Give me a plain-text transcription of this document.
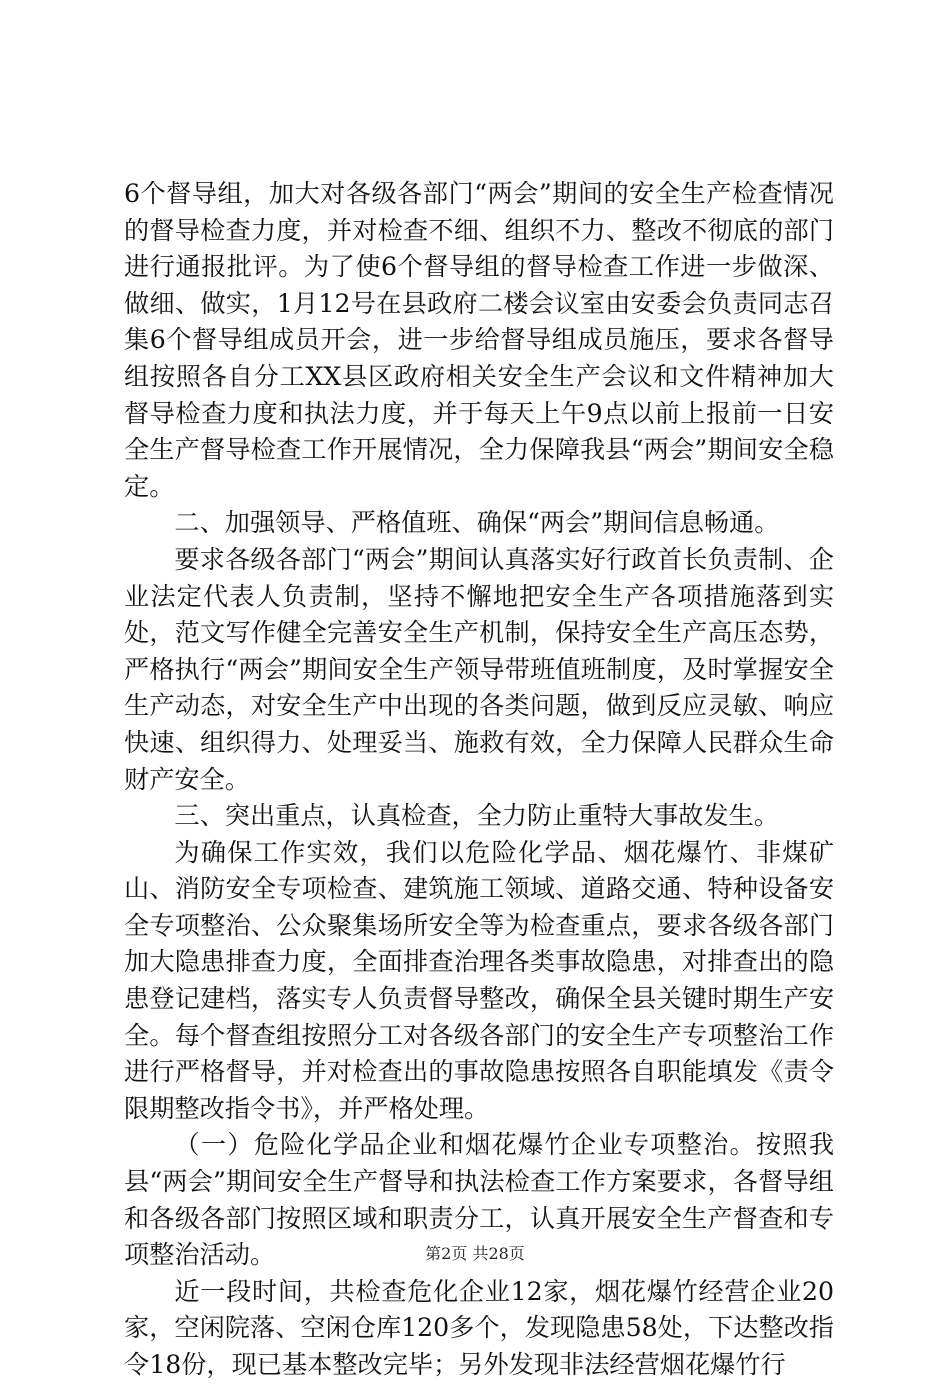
6个督导组，加大对各级各部门“两会”期间的安全生产检查情况的督导检查力度，并对检查不细、组织不力、整改不彻底的部门进行通报批评。为了使6个督导组的督导检查工作进一步做深、做细、做实，1月12号在县政府二楼会议室由安委会负责同志召集6个督导组成员开会，进一步给督导组成员施压，要求各督导组按照各自分工XX县区政府相关安全生产会议和文件精神加大督导检查力度和执法力度，并于每天上午9点以前上报前一日安全生产督导检查工作开展情况，全力保障我县“两会”期间安全稳定。

二、加强领导、严格值班、确保“两会”期间信息畅通。

要求各级各部门“两会”期间认真落实好行政首长负责制、企业法定代表人负责制，坚持不懈地把安全生产各项措施落到实处，范文写作健全完善安全生产机制，保持安全生产高压态势，严格执行“两会”期间安全生产领导带班值班制度，及时掌握安全生产动态，对安全生产中出现的各类问题，做到反应灵敏、响应快速、组织得力、处理妥当、施救有效，全力保障人民群众生命财产安全。

三、突出重点，认真检查，全力防止重特大事故发生。

为确保工作实效，我们以危险化学品、烟花爆竹、非煤矿山、消防安全专项检查、建筑施工领域、道路交通、特种设备安全专项整治、公众聚集场所安全等为检查重点，要求各级各部门加大隐患排查力度，全面排查治理各类事故隐患，对排查出的隐患登记建档，落实专人负责督导整改，确保全县关键时期生产安全。每个督查组按照分工对各级各部门的安全生产专项整治工作进行严格督导，并对检查出的事故隐患按照各自职能填发《责令限期整改指令书》，并严格处理。

（一）危险化学品企业和烟花爆竹企业专项整治。按照我县“两会”期间安全生产督导和执法检查工作方案要求，各督导组和各级各部门按照区域和职责分工，认真开展安全生产督查和专项整治活动。

近一段时间，共检查危化企业12家，烟花爆竹经营企业20家，空闲院落、空闲仓库120多个，发现隐患58处，下达整改指令18份，现已基本整改完毕；另外发现非法经营烟花爆竹行

第2页 共28页
